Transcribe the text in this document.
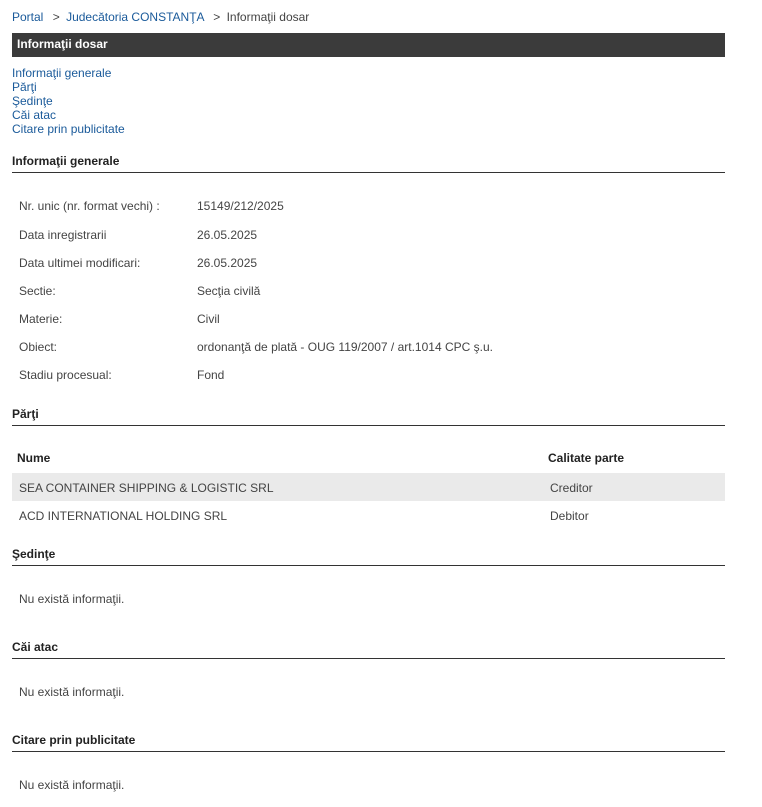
Portal > Judecătoria CONSTANŢA > Informaţii dosar
Informaţii dosar
Informaţii generale
Părţi
Şedinţe
Căi atac
Citare prin publicitate
Informaţii generale
Nr. unic (nr. format vechi) :	15149/212/2025
Data inregistrarii	26.05.2025
Data ultimei modificari:	26.05.2025
Sectie:	Secţia civilă
Materie:	Civil
Obiect:	ordonanţă de plată - OUG 119/2007 / art.1014 CPC ş.u.
Stadiu procesual:	Fond
Părţi
Nume	Calitate parte
SEA CONTAINER SHIPPING & LOGISTIC SRL	Creditor
ACD INTERNATIONAL HOLDING SRL	Debitor
Şedinţe
Nu există informaţii.
Căi atac
Nu există informaţii.
Citare prin publicitate
Nu există informaţii.
